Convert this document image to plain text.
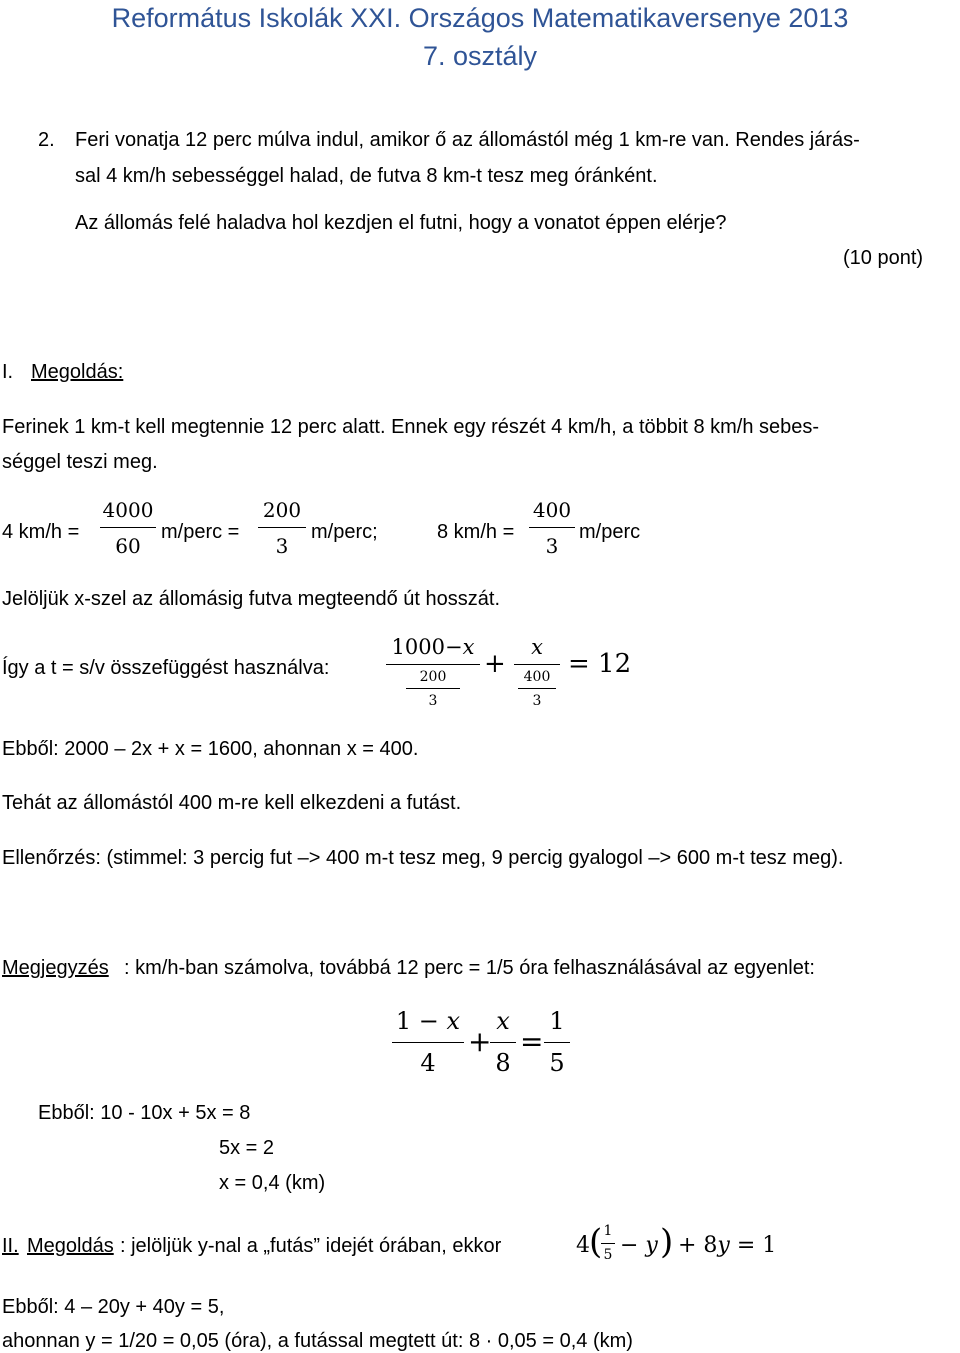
Református Iskolák XXI. Országos Matematikaversenye 2013
7. osztály
2. Feri vonatja 12 perc múlva indul, amikor ő az állomástól még 1 km-re van. Rendes járás-
sal 4 km/h sebességgel halad, de futva 8 km-t tesz meg óránként.
Az állomás felé haladva hol kezdjen el futni, hogy a vonatot éppen elérje?
(10 pont)
I. Megoldás:
Ferinek 1 km-t kell megtennie 12 perc alatt. Ennek egy részét 4 km/h, a többit 8 km/h sebes-
séggel teszi meg.
4 km/h =
4000
60
m/perc =
200
3
m/perc;	8 km/h =
400
3
m/perc
Jelöljük x-szel az állomásig futva megteendő út hosszát.
Így a t = s/v összefüggést használva:
1000−𝑥
200
3
+
𝑥
400
3
= 12
Ebből: 2000 – 2x + x = 1600, ahonnan x = 400.
Tehát az állomástól 400 m-re kell elkezdeni a futást.
Ellenőrzés: (stimmel: 3 percig fut –> 400 m-t tesz meg, 9 percig gyalogol –> 600 m-t tesz meg).
Megjegyzés : km/h-ban számolva, továbbá 12 perc = 1/5 óra felhasználásával az egyenlet:
1 − 𝑥
4
+
𝑥
8
=
1
5
Ebből: 10 - 10x + 5x = 8
5x = 2
x = 0,4 (km)
II. Megoldás : jelöljük y-nal a „futás” idejét órában, ekkor	4 ( 1
5 − 𝑦 ) + 8𝑦 = 1
Ebből: 4 – 20y + 40y = 5,
ahonnan y = 1/20 = 0,05 (óra), a futással megtett út: 8 · 0,05 = 0,4 (km)
